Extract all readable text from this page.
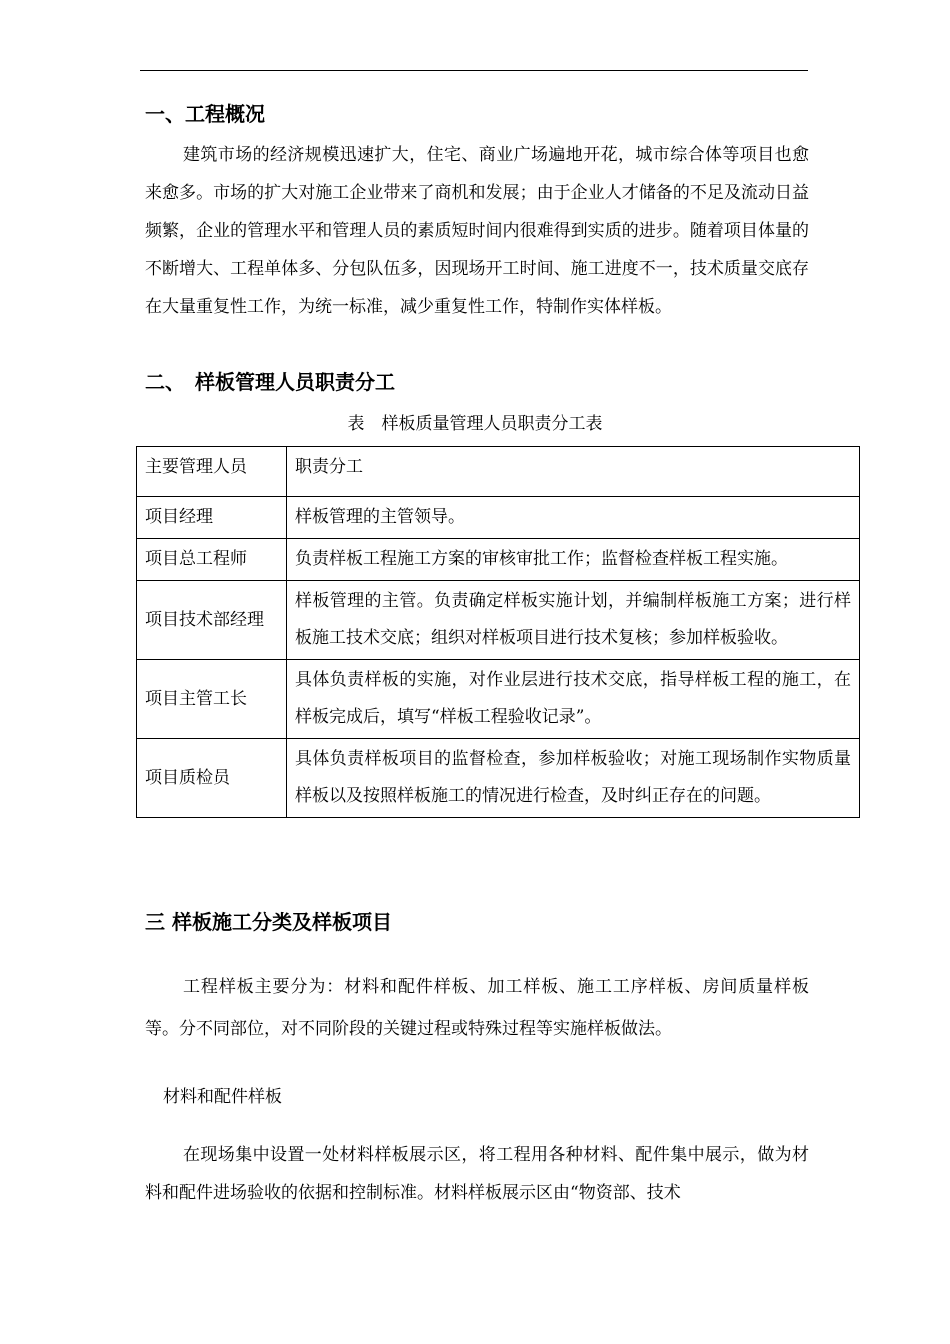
一、工程概况

建筑市场的经济规模迅速扩大，住宅、商业广场遍地开花，城市综合体等项目也愈来愈多。市场的扩大对施工企业带来了商机和发展；由于企业人才储备的不足及流动日益频繁，企业的管理水平和管理人员的素质短时间内很难得到实质的进步。随着项目体量的不断增大、工程单体多、分包队伍多，因现场开工时间、施工进度不一，技术质量交底存在大量重复性工作，为统一标准，减少重复性工作，特制作实体样板。

二、　样板管理人员职责分工
表　样板质量管理人员职责分工表
主要管理人员	职责分工
项目经理	样板管理的主管领导。
项目总工程师	负责样板工程施工方案的审核审批工作；监督检查样板工程实施。
项目技术部经理	样板管理的主管。负责确定样板实施计划，并编制样板施工方案；进行样板施工技术交底；组织对样板项目进行技术复核；参加样板验收。
项目主管工长	具体负责样板的实施，对作业层进行技术交底，指导样板工程的施工，在样板完成后，填写“样板工程验收记录”。
项目质检员	具体负责样板项目的监督检查，参加样板验收；对施工现场制作实物质量样板以及按照样板施工的情况进行检查，及时纠正存在的问题。
三 样板施工分类及样板项目

工程样板主要分为：材料和配件样板、加工样板、施工工序样板、房间质量样板等。分不同部位，对不同阶段的关键过程或特殊过程等实施样板做法。

材料和配件样板

在现场集中设置一处材料样板展示区，将工程用各种材料、配件集中展示，做为材料和配件进场验收的依据和控制标准。材料样板展示区由“物资部、技术
